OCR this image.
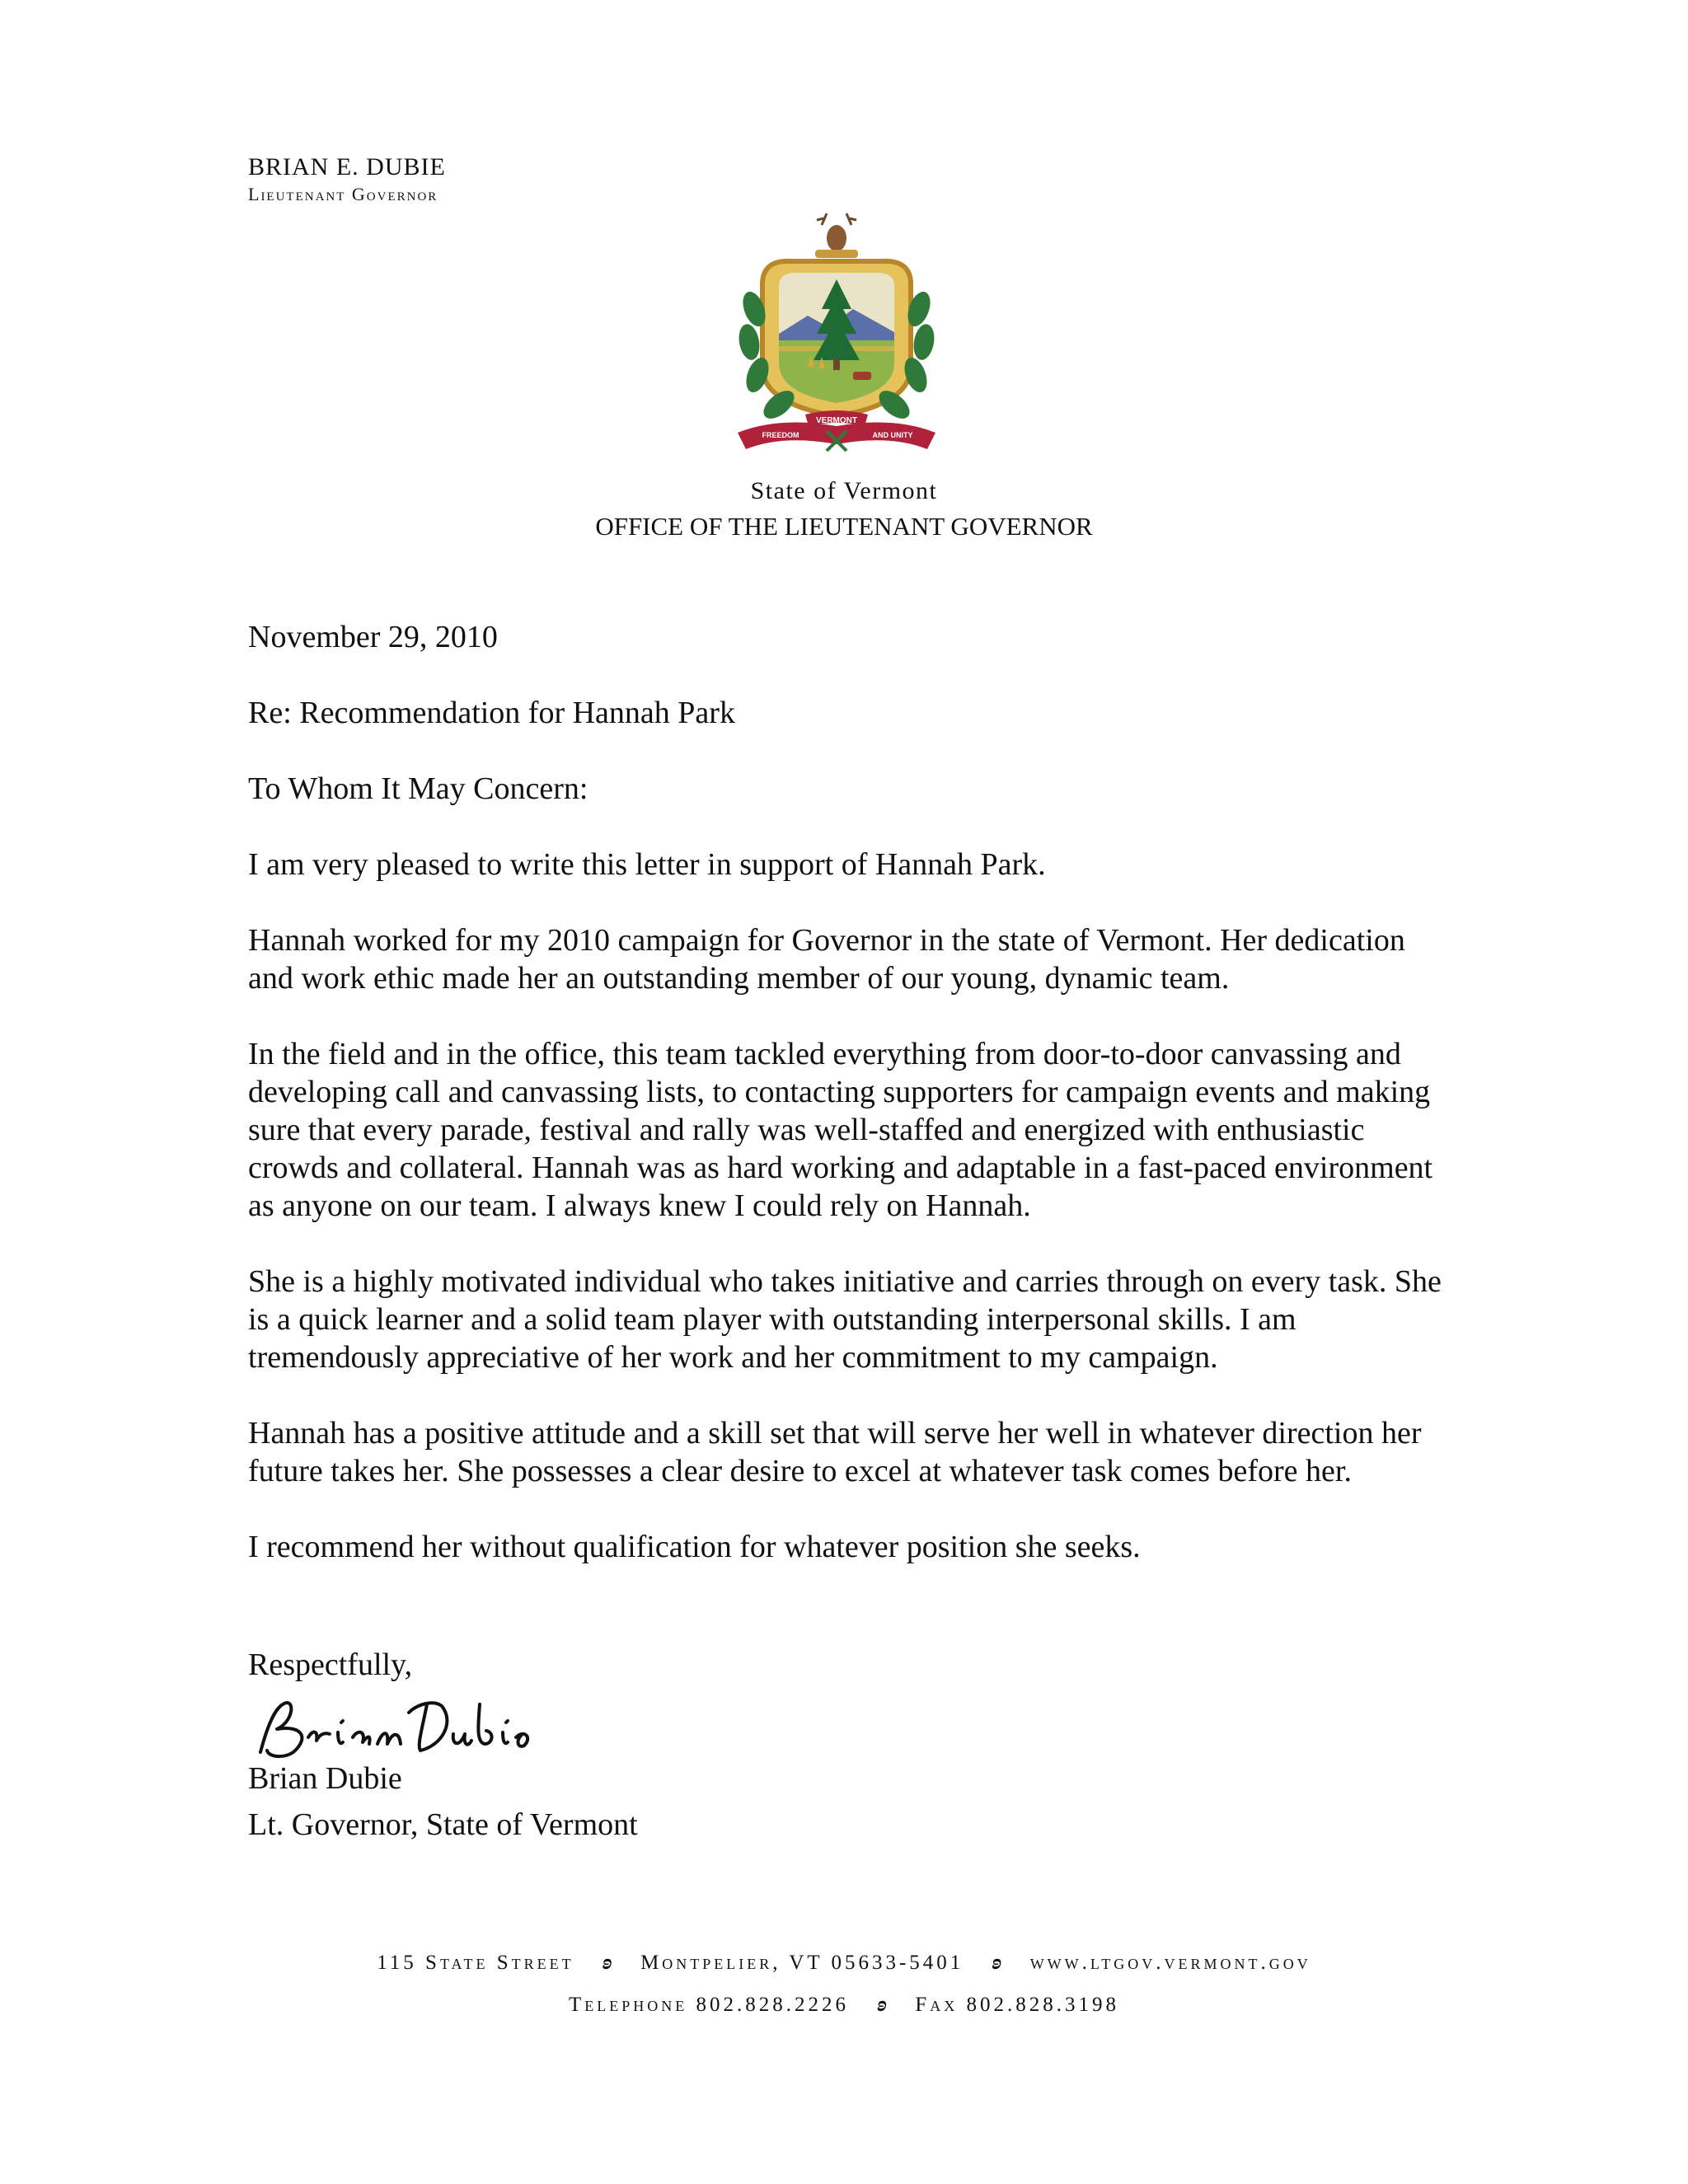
BRIAN E. DUBIE
Lieutenant Governor
VERMONT
FREEDOM	AND UNITY
State of Vermont
OFFICE OF THE LIEUTENANT GOVERNOR

November 29, 2010

Re: Recommendation for Hannah Park

To Whom It May Concern:

I am very pleased to write this letter in support of Hannah Park.

Hannah worked for my 2010 campaign for Governor in the state of Vermont. Her dedication and work ethic made her an outstanding member of our young, dynamic team.

In the field and in the office, this team tackled everything from door-to-door canvassing and developing call and canvassing lists, to contacting supporters for campaign events and making sure that every parade, festival and rally was well-staffed and energized with enthusiastic crowds and collateral. Hannah was as hard working and adaptable in a fast-paced environment as anyone on our team. I always knew I could rely on Hannah.

She is a highly motivated individual who takes initiative and carries through on every task. She is a quick learner and a solid team player with outstanding interpersonal skills. I am tremendously appreciative of her work and her commitment to my campaign.

Hannah has a positive attitude and a skill set that will serve her well in whatever direction her future takes her. She possesses a clear desire to excel at whatever task comes before her.

I recommend her without qualification for whatever position she seeks.

Respectfully,
Brian Dubie
Lt. Governor, State of Vermont
115 State Street ʚ Montpelier, VT 05633-5401 ʚ www.ltgov.vermont.gov
Telephone 802.828.2226 ʚ Fax 802.828.3198
